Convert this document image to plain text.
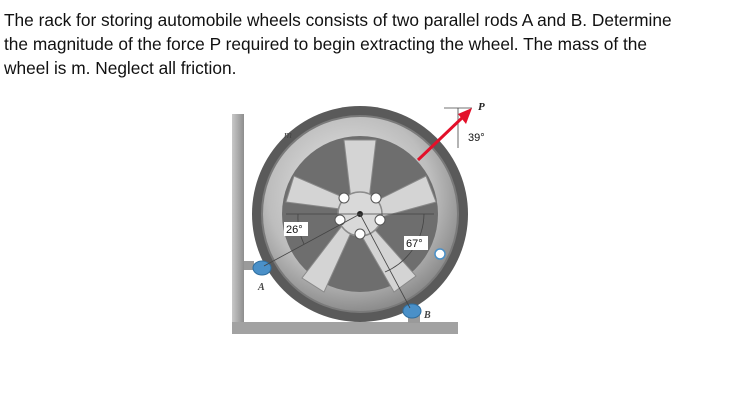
The rack for storing automobile wheels consists of two parallel rods A and B. Determine
the magnitude of the force P required to begin extracting the wheel. The mass of the
wheel is m. Neglect all friction.
P
m
A
B
39°
26°
67°
